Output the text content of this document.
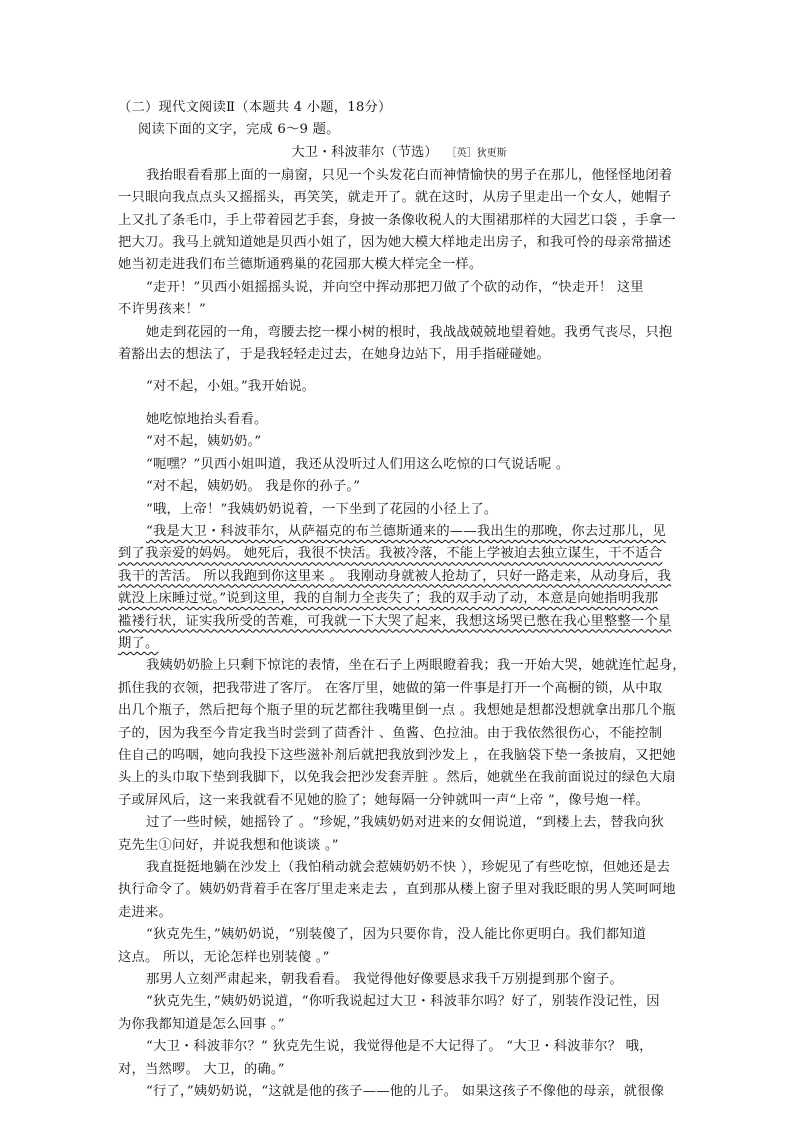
（二）现代文阅读Ⅱ（本题共 4 小题，18分）
阅读下面的文字，完成 6～9 题。
大卫・科波菲尔（节选） ［英］狄更斯
我抬眼看看那上面的一扇窗，只见一个头发花白而神情愉快的男子在那儿，他怪怪地闭着
一只眼向我点点头又摇摇头，再笑笑，就走开了。就在这时，从房子里走出一个女人，她帽子
上又扎了条毛巾，手上带着园艺手套，身披一条像收税人的大围裙那样的大园艺口袋 ，手拿一
把大刀。我马上就知道她是贝西小姐了，因为她大模大样地走出房子，和我可怜的母亲常描述
她当初走进我们布兰德斯通鸦巢的花园那大模大样完全一样。
“走开！”贝西小姐摇摇头说，并向空中挥动那把刀做了个砍的动作，“快走开！ 这里
不许男孩来！”
她走到花园的一角，弯腰去挖一棵小树的根时，我战战兢兢地望着她。我勇气丧尽，只抱
着豁出去的想法了，于是我轻轻走过去，在她身边站下，用手指碰碰她。
“对不起，小姐。”我开始说。
她吃惊地抬头看看。
“对不起，姨奶奶。”
“呃嘿？”贝西小姐叫道，我还从没听过人们用这么吃惊的口气说话呢 。
“对不起，姨奶奶。 我是你的孙子。”
“哦，上帝！”我姨奶奶说着，一下坐到了花园的小径上了。
“我是大卫・科波菲尔，从萨福克的布兰德斯通来的——我出生的那晚，你去过那儿，见
到了我亲爱的妈妈。 她死后，我很不快活。我被冷落，不能上学被迫去独立谋生，干不适合
我干的苦活。 所以我跑到你这里来 。 我刚动身就被人抢劫了，只好一路走来，从动身后，我
就没上床睡过觉。”说到这里，我的自制力全丧失了；我的双手动了动，本意是向她指明我那
褴褛行状，证实我所受的苦难，可我就一下大哭了起来，我想这场哭已憋在我心里整整一个星
期了。
我姨奶奶脸上只剩下惊诧的表情，坐在石子上两眼瞪着我；我一开始大哭，她就连忙起身，
抓住我的衣领，把我带进了客厅。 在客厅里，她做的第一件事是打开一个高橱的锁，从中取
出几个瓶子，然后把每个瓶子里的玩艺都往我嘴里倒一点 。我想她是想都没想就拿出那几个瓶
子的，因为我至今肯定我当时尝到了茴香汁 、鱼酱、色拉油。由于我依然很伤心，不能控制
住自己的呜咽，她向我投下这些滋补剂后就把我放到沙发上 ，在我脑袋下垫一条披肩，又把她
头上的头巾取下垫到我脚下，以免我会把沙发套弄脏 。然后，她就坐在我前面说过的绿色大扇
子或屏风后，这一来我就看不见她的脸了；她每隔一分钟就叫一声“上帝 ”，像号炮一样。
过了一些时候，她摇铃了 。“珍妮，”我姨奶奶对进来的女佣说道，“到楼上去，替我向狄
克先生①问好，并说我想和他谈谈 。”
我直挺挺地躺在沙发上（我怕稍动就会惹姨奶奶不快 ），珍妮见了有些吃惊，但她还是去
执行命令了。姨奶奶背着手在客厅里走来走去 ，直到那从楼上窗子里对我眨眼的男人笑呵呵地
走进来。
“狄克先生，”姨奶奶说，“别装傻了，因为只要你肯，没人能比你更明白。我们都知道
这点。 所以，无论怎样也别装傻 。”
那男人立刻严肃起来，朝我看看。 我觉得他好像要恳求我千万别提到那个窗子。
“狄克先生，”姨奶奶说道，“你听我说起过大卫・科波菲尔吗？好了，别装作没记性，因
为你我都知道是怎么回事 。”
“大卫・科波菲尔？” 狄克先生说，我觉得他是不大记得了。 “大卫・科波菲尔？ 哦，
对，当然啰。 大卫，的确。”
“行了，”姨奶奶说，“这就是他的孩子——他的儿子。 如果这孩子不像他的母亲，就很像
